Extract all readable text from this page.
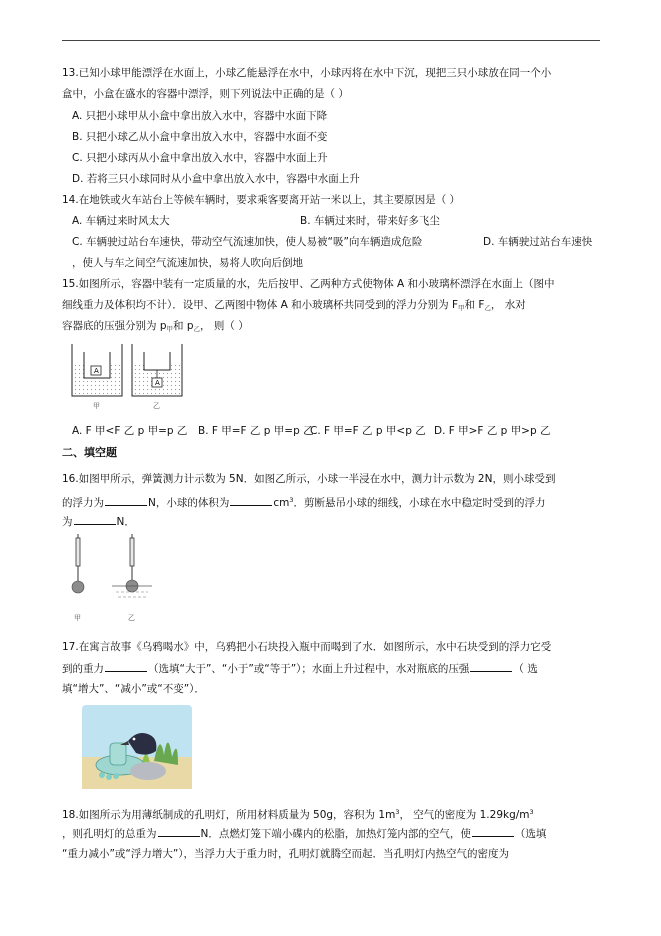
13.已知小球甲能漂浮在水面上，小球乙能悬浮在水中，小球丙将在水中下沉，现把三只小球放在同一个小
盒中，小盒在盛水的容器中漂浮，则下列说法中正确的是（ ）
A. 只把小球甲从小盒中拿出放入水中，容器中水面下降
B. 只把小球乙从小盒中拿出放入水中，容器中水面不变
C. 只把小球丙从小盒中拿出放入水中，容器中水面上升
D. 若将三只小球同时从小盒中拿出放入水中，容器中水面上升
14.在地铁或火车站台上等候车辆时，要求乘客要离开站一米以上，其主要原因是（ ）
A. 车辆过来时风太大	B. 车辆过来时，带来好多飞尘
C. 车辆驶过站台车速快，带动空气流速加快，使人易被“吸”向车辆造成危险	D. 车辆驶过站台车速快
，使人与车之间空气流速加快，易将人吹向后倒地
15.如图所示，容器中装有一定质量的水，先后按甲、乙两种方式使物体 A 和小玻璃杯漂浮在水面上（图中
细线重力及体积均不计）．设甲、乙两图中物体 A 和小玻璃杯共同受到的浮力分别为 $F_甲$和 $F_乙$， 水对
容器底的压强分别为 $p_甲$和 $p_乙$， 则（ ）
A
A
甲	乙
A. F 甲<F 乙 p 甲=p 乙 B. F 甲=F 乙 p 甲=p 乙
C. F 甲=F 乙 p 甲<p 乙 D. F 甲>F 乙 p 甲>p 乙
二、填空题
16.如图甲所示，弹簧测力计示数为 5N．如图乙所示，小球一半浸在水中，测力计示数为 2N，则小球受到
的浮力为	N，小球的体积为	$cm^3$．剪断悬吊小球的细线，小球在水中稳定时受到的浮力
为	N．
甲	乙
17.在寓言故事《乌鸦喝水》中，乌鸦把小石块投入瓶中而喝到了水．如图所示，水中石块受到的浮力它受
到的重力	（选填“大于”、“小于”或“等于”）；水面上升过程中，水对瓶底的压强	（ 选
填“增大”、“减小”或“不变”）．
18.如图所示为用薄纸制成的孔明灯，所用材料质量为 50g，容积为 $1m^3$， 空气的密度为 $1.29kg/m^3$
，则孔明灯的总重为	N．点燃灯笼下端小碟内的松脂，加热灯笼内部的空气，使	（选填
“重力减小”或“浮力增大”），当浮力大于重力时，孔明灯就腾空而起．当孔明灯内热空气的密度为
